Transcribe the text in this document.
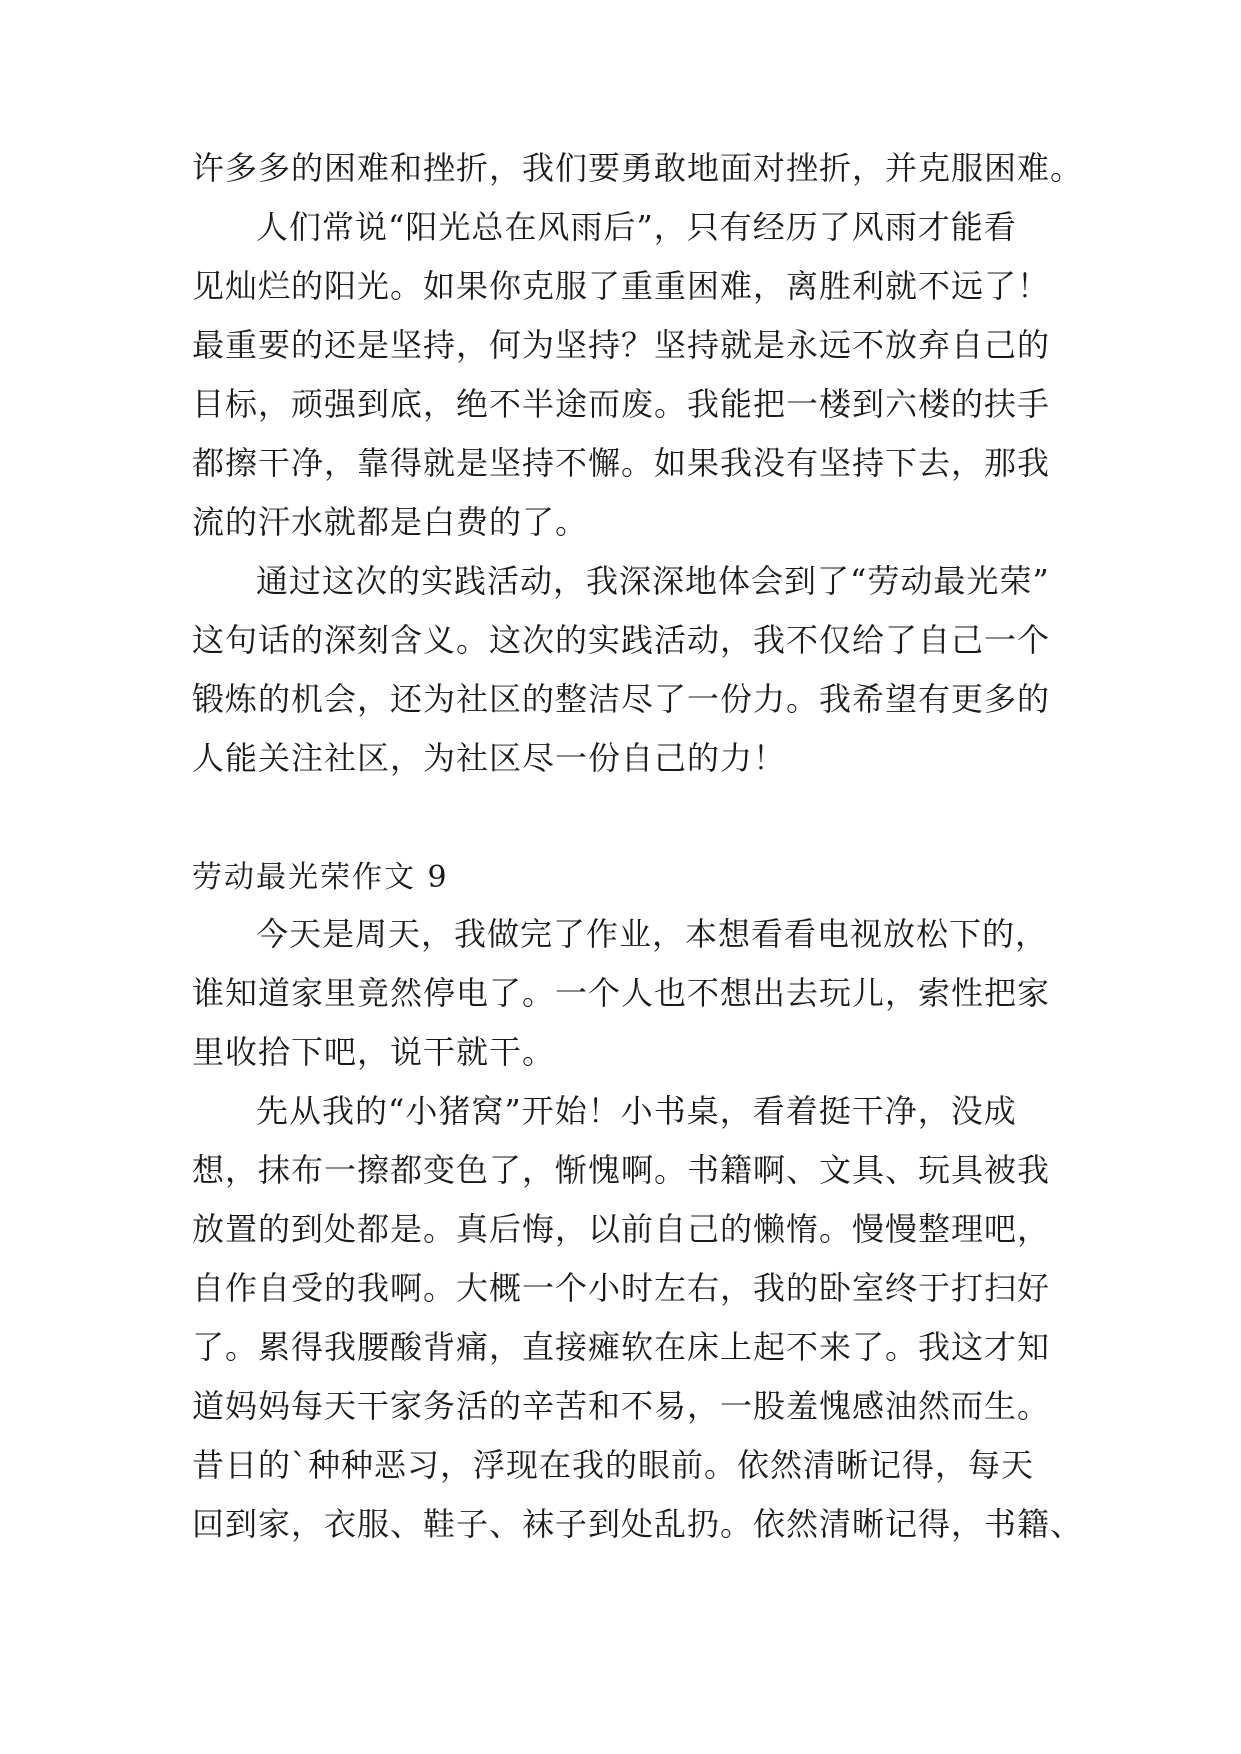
许多多的困难和挫折，我们要勇敢地面对挫折，并克服困难。
人们常说“阳光总在风雨后”，只有经历了风雨才能看
见灿烂的阳光。如果你克服了重重困难，离胜利就不远了！
最重要的还是坚持，何为坚持？坚持就是永远不放弃自己的
目标，顽强到底，绝不半途而废。我能把一楼到六楼的扶手
都擦干净，靠得就是坚持不懈。如果我没有坚持下去，那我
流的汗水就都是白费的了。
通过这次的实践活动，我深深地体会到了“劳动最光荣”
这句话的深刻含义。这次的实践活动，我不仅给了自己一个
锻炼的机会，还为社区的整洁尽了一份力。我希望有更多的
人能关注社区，为社区尽一份自己的力！
劳动最光荣作文 9
今天是周天，我做完了作业，本想看看电视放松下的，
谁知道家里竟然停电了。一个人也不想出去玩儿，索性把家
里收拾下吧，说干就干。
先从我的“小猪窝”开始！小书桌，看着挺干净，没成
想，抹布一擦都变色了，惭愧啊。书籍啊、文具、玩具被我
放置的到处都是。真后悔，以前自己的懒惰。慢慢整理吧，
自作自受的我啊。大概一个小时左右，我的卧室终于打扫好
了。累得我腰酸背痛，直接瘫软在床上起不来了。我这才知
道妈妈每天干家务活的辛苦和不易，一股羞愧感油然而生。
昔日的`种种恶习，浮现在我的眼前。依然清晰记得，每天
回到家，衣服、鞋子、袜子到处乱扔。依然清晰记得，书籍、
